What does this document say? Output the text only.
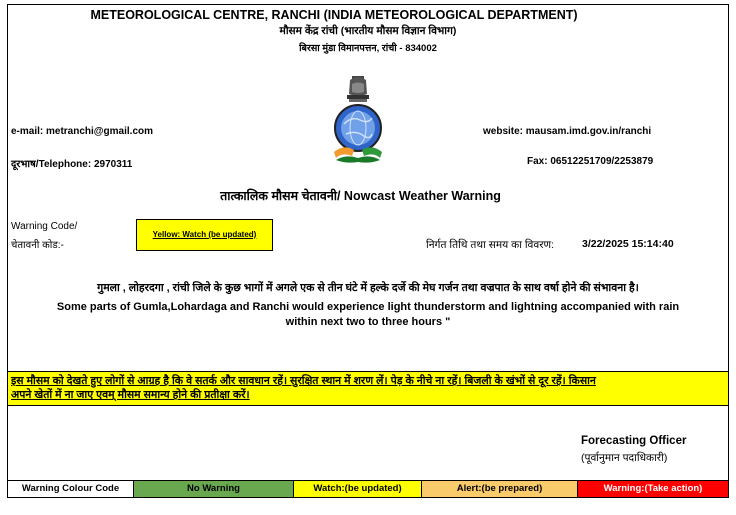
METEOROLOGICAL CENTRE, RANCHI (INDIA METEOROLOGICAL DEPARTMENT)
मौसम केंद्र रांची (भारतीय मौसम विज्ञान विभाग)
बिरसा मुंडा विमानपत्तन, रांची - 834002
e-mail: metranchi@gmail.com	website: mausam.imd.gov.in/ranchi
दूरभाष/Telephone: 2970311	Fax: 06512251709/2253879
तात्कालिक मौसम चेतावनी/ Nowcast Weather Warning
Warning Code/
चेतावनी कोड:-
Yellow: Watch (be updated)
निर्गत तिथि तथा समय का विवरण:	3/22/2025 15:14:40
गुमला , लोहरदगा , रांची जिले के कुछ भागों में अगले एक से तीन घंटे में हल्के दर्जे की मेघ गर्जन तथा वज्रपात के साथ वर्षा होने की संभावना है।
Some parts of Gumla,Lohardaga and Ranchi would experience light thunderstorm and lightning accompanied with rain
within next two to three hours "
इस मौसम को देखते हुए लोगों से आग्रह है कि वे सतर्क और सावधान रहें। सुरक्षित स्थान में शरण लें। पेड़ के नीचे ना रहें। बिजली के खंभों से दूर रहें। किसान
अपने खेतों में ना जाए एवम् मौसम समान्य होने की प्रतीक्षा करें।
Forecasting Officer
(पूर्वानुमान पदाधिकारी)
Warning Colour Code	No Warning	Watch:(be updated)	Alert:(be prepared)	Warning:(Take action)
